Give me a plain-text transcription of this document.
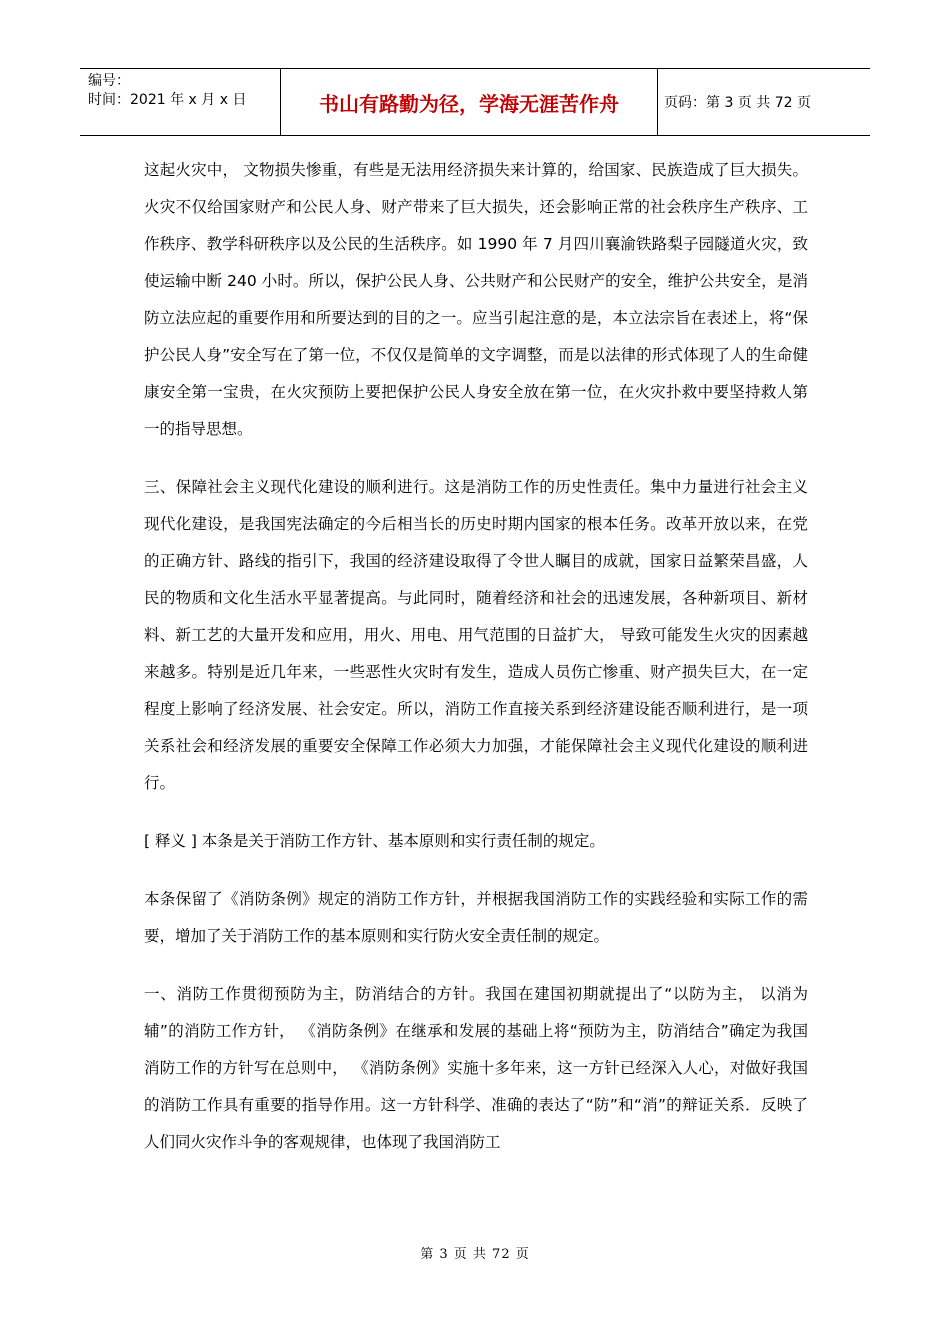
编号：
时间：2021 年 x 月 x 日	书山有路勤为径，学海无涯苦作舟	页码：第 3 页 共 72 页

这起火灾中， 文物损失惨重，有些是无法用经济损失来计算的，给国家、民族造成了巨大损失。火灾不仅给国家财产和公民人身、财产带来了巨大损失，还会影响正常的社会秩序生产秩序、工作秩序、教学科研秩序以及公民的生活秩序。如 1990 年 7 月四川襄渝铁路梨子园隧道火灾，致使运输中断 240 小时。所以，保护公民人身、公共财产和公民财产的安全，维护公共安全，是消防立法应起的重要作用和所要达到的目的之一。应当引起注意的是，本立法宗旨在表述上，将“保护公民人身”安全写在了第一位，不仅仅是简单的文字调整，而是以法律的形式体现了人的生命健康安全第一宝贵，在火灾预防上要把保护公民人身安全放在第一位，在火灾扑救中要坚持救人第一的指导思想。

三、保障社会主义现代化建设的顺利进行。这是消防工作的历史性责任。集中力量进行社会主义现代化建设，是我国宪法确定的今后相当长的历史时期内国家的根本任务。改革开放以来，在党的正确方针、路线的指引下，我国的经济建设取得了令世人瞩目的成就，国家日益繁荣昌盛，人民的物质和文化生活水平显著提高。与此同时，随着经济和社会的迅速发展，各种新项目、新材料、新工艺的大量开发和应用，用火、用电、用气范围的日益扩大， 导致可能发生火灾的因素越来越多。特别是近几年来，一些恶性火灾时有发生，造成人员伤亡惨重、财产损失巨大，在一定程度上影响了经济发展、社会安定。所以，消防工作直接关系到经济建设能否顺利进行，是一项关系社会和经济发展的重要安全保障工作必须大力加强，才能保障社会主义现代化建设的顺利进行。

[ 释义 ] 本条是关于消防工作方针、基本原则和实行责任制的规定。

本条保留了《消防条例》规定的消防工作方针，并根据我国消防工作的实践经验和实际工作的需要，增加了关于消防工作的基本原则和实行防火安全责任制的规定。

一、消防工作贯彻预防为主，防消结合的方针。我国在建国初期就提出了“以防为主， 以消为辅”的消防工作方针， 《消防条例》在继承和发展的基础上将“预防为主，防消结合”确定为我国消防工作的方针写在总则中， 《消防条例》实施十多年来，这一方针已经深入人心，对做好我国的消防工作具有重要的指导作用。这一方针科学、准确的表达了“防”和“消”的辩证关系．反映了人们同火灾作斗争的客观规律，也体现了我国消防工

第 3 页 共 72 页
